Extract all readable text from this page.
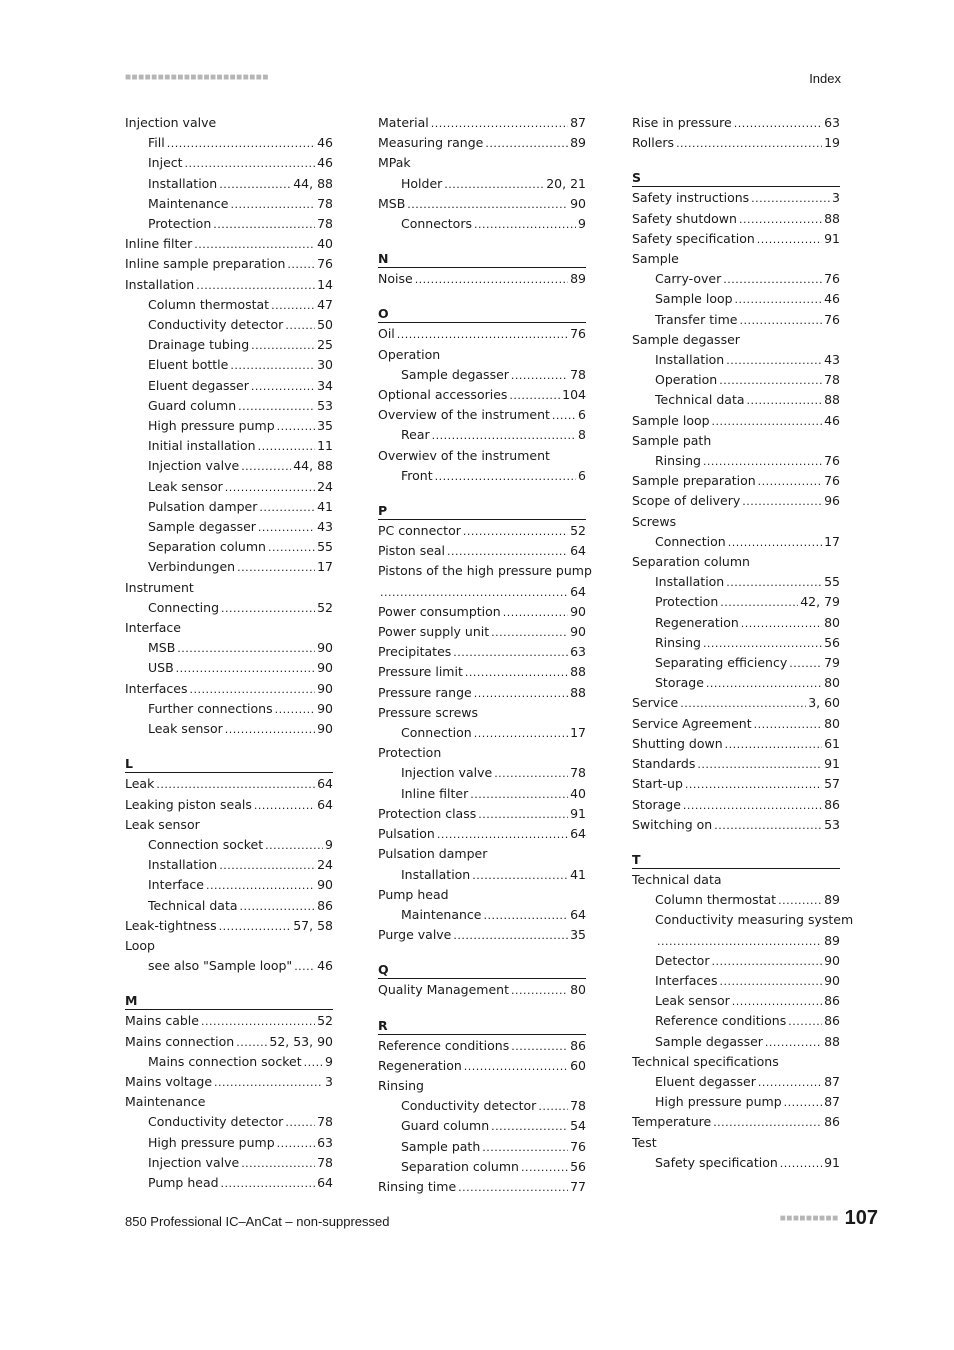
■■■■■■■■■■■■■■■■■■■■■■	Index
Injection valve
Fill .....	46
Inject .....	46
Installation .....	44, 88
Maintenance .....	78
Protection .....	78
Inline filter .....	40
Inline sample preparation .....	76
Installation .....	14
Column thermostat .....	47
Conductivity detector .....	50
Drainage tubing .....	25
Eluent bottle .....	30
Eluent degasser .....	34
Guard column .....	53
High pressure pump .....	35
Initial installation .....	11
Injection valve .....	44, 88
Leak sensor .....	24
Pulsation damper .....	41
Sample degasser .....	43
Separation column .....	55
Verbindungen .....	17
Instrument
Connecting .....	52
Interface
MSB .....	90
USB .....	90
Interfaces .....	90
Further connections .....	90
Leak sensor .....	90
L
Leak .....	64
Leaking piston seals .....	64
Leak sensor
Connection socket .....	9
Installation .....	24
Interface .....	90
Technical data .....	86
Leak-tightness .....	57, 58
Loop
see also "Sample loop" ..... 46
M
Mains cable .....	52
Mains connection .....	52, 53, 90
Mains connection socket ..... 9
Mains voltage .....	3
Maintenance
Conductivity detector .....	78
High pressure pump .....	63
Injection valve .....	78
Pump head .....	64
Material .....	87
Measuring range .....	89
MPak
Holder .....	20, 21
MSB .....	90
Connectors .....	9
N
Noise .....	89
O
Oil .....	76
Operation
Sample degasser .....	78
Optional accessories .....	104
Overview of the instrument ..... 6
Rear .....	8
Overwiev of the instrument
Front .....	6
P
PC connector .....	52
Piston seal .....	64
Pistons of the high pressure pump
.....
64
Power consumption .....	90
Power supply unit .....	90
Precipitates .....	63
Pressure limit .....	88
Pressure range .....	88
Pressure screws
Connection .....	17
Protection
Injection valve .....	78
Inline filter .....	40
Protection class .....	91
Pulsation .....	64
Pulsation damper
Installation .....	41
Pump head
Maintenance .....	64
Purge valve .....	35
Q
Quality Management .....	80
R
Reference conditions .....	86
Regeneration .....	60
Rinsing
Conductivity detector .....	78
Guard column .....	54
Sample path .....	76
Separation column .....	56
Rinsing time .....	77
Rise in pressure .....	63
Rollers .....	19
S
Safety instructions .....	3
Safety shutdown .....	88
Safety specification .....	91
Sample
Carry-over .....	76
Sample loop .....	46
Transfer time .....	76
Sample degasser
Installation .....	43
Operation .....	78
Technical data .....	88
Sample loop .....	46
Sample path
Rinsing .....	76
Sample preparation .....	76
Scope of delivery .....	96
Screws
Connection .....	17
Separation column
Installation .....	55
Protection .....	42, 79
Regeneration .....	80
Rinsing .....	56
Separating efficiency .....	79
Storage .....	80
Service .....	3, 60
Service Agreement .....	80
Shutting down .....	61
Standards .....	91
Start-up .....	57
Storage .....	86
Switching on .....	53
T
Technical data
Column thermostat .....	89
Conductivity measuring system
.....
89
Detector .....	90
Interfaces .....	90
Leak sensor .....	86
Reference conditions .....	86
Sample degasser .....	88
Technical specifications
Eluent degasser .....	87
High pressure pump .....	87
Temperature .....	86
Test
Safety specification .....	91
850 Professional IC–AnCat – non-suppressed	■■■■■■■■■ 107
